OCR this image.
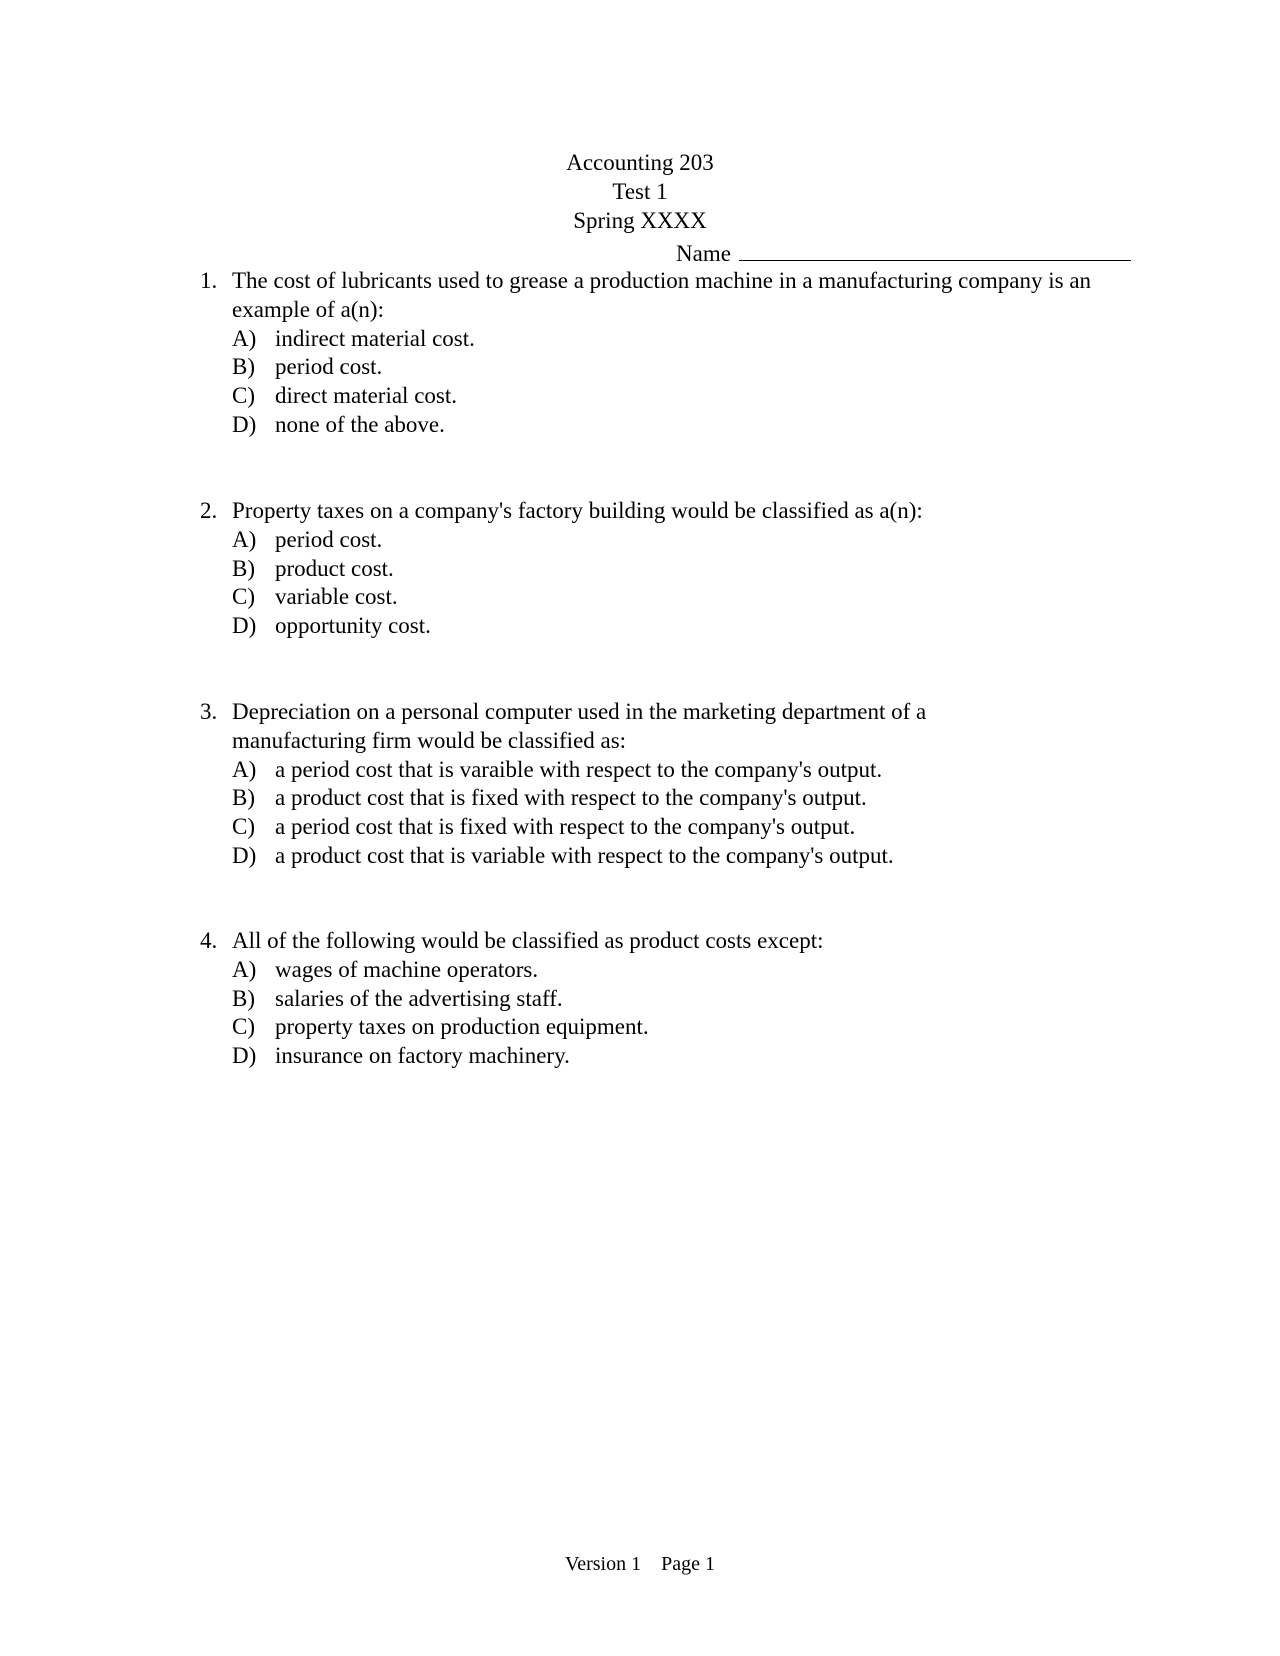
Accounting 203
Test 1
Spring XXXX
Name
1. The cost of lubricants used to grease a production machine in a manufacturing company is an example of a(n):
A) indirect material cost.
B) period cost.
C) direct material cost.
D) none of the above.
2. Property taxes on a company's factory building would be classified as a(n):
A) period cost.
B) product cost.
C) variable cost.
D) opportunity cost.
3. Depreciation on a personal computer used in the marketing department of a manufacturing firm would be classified as:
A) a period cost that is varaible with respect to the company's output.
B) a product cost that is fixed with respect to the company's output.
C) a period cost that is fixed with respect to the company's output.
D) a product cost that is variable with respect to the company's output.
4. All of the following would be classified as product costs except:
A) wages of machine operators.
B) salaries of the advertising staff.
C) property taxes on production equipment.
D) insurance on factory machinery.
Version 1 Page 1
